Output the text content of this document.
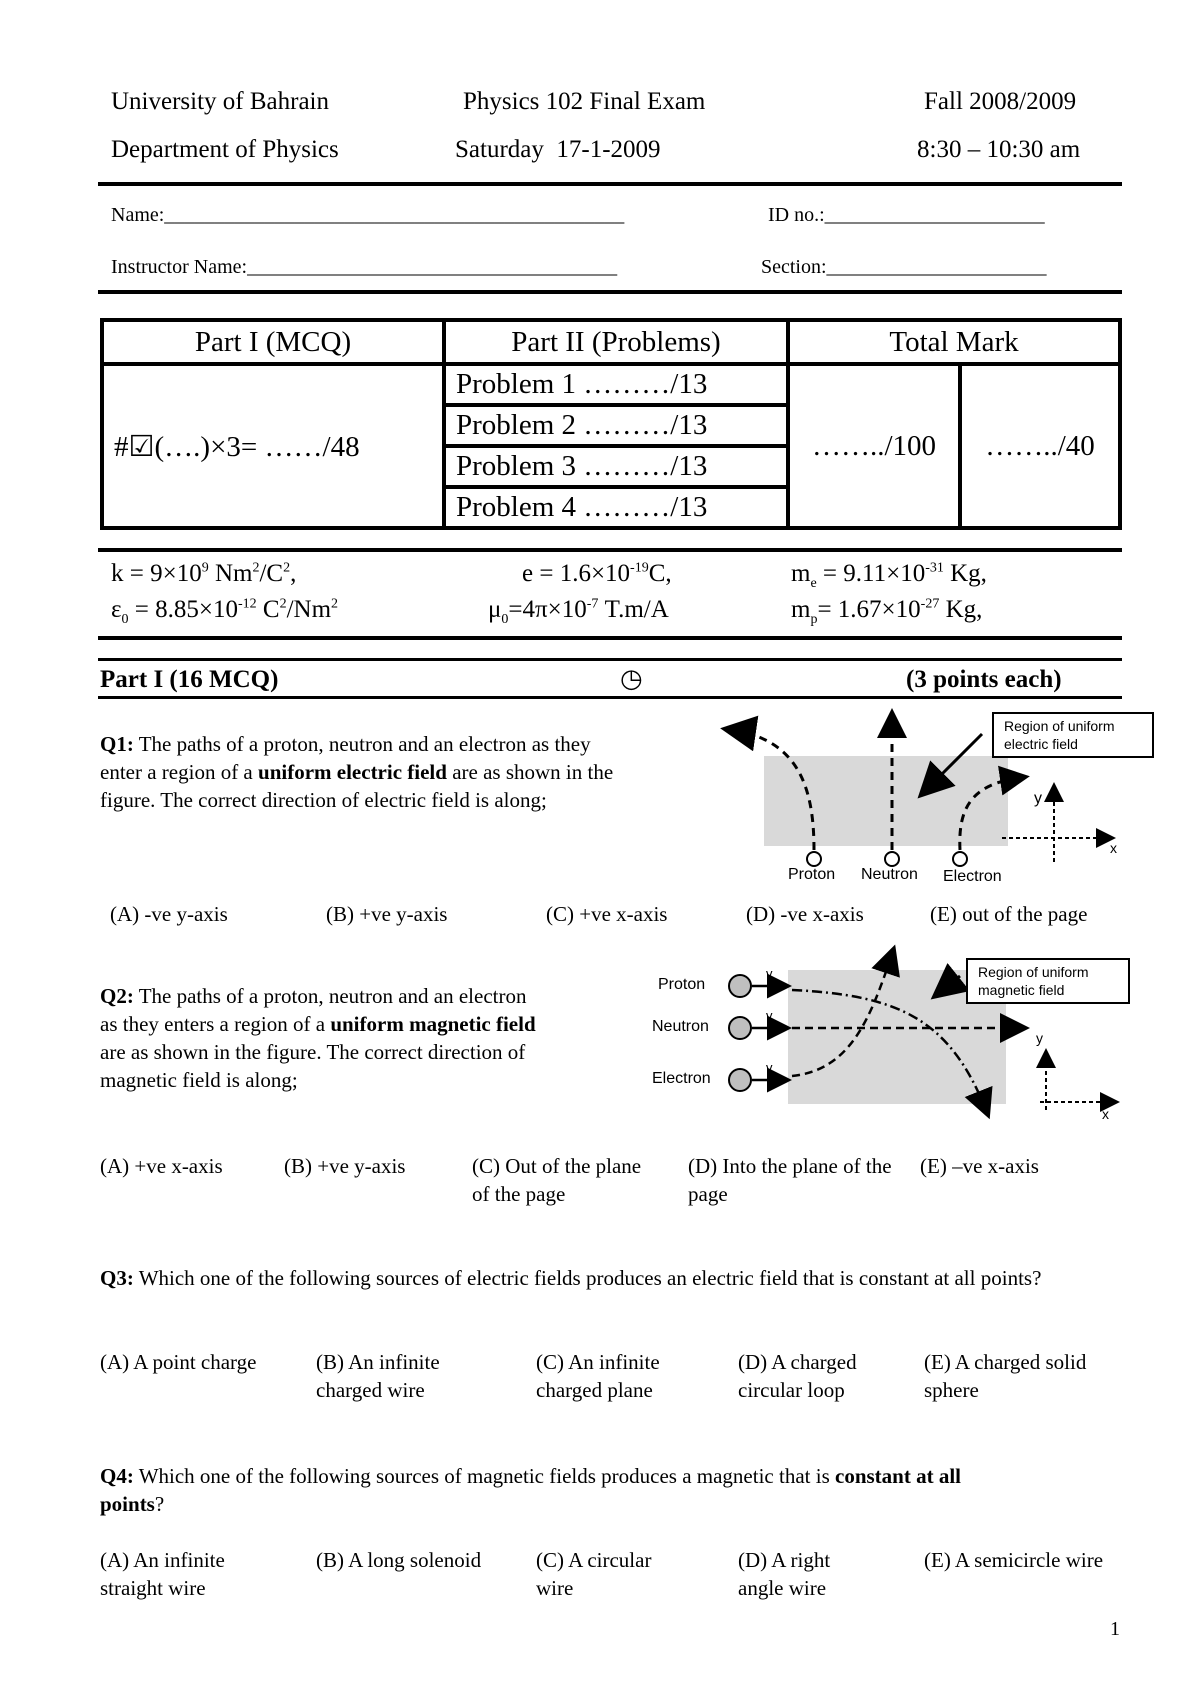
University of Bahrain
Department of Physics
Physics 102 Final Exam
Saturday  17-1-2009
Fall 2008/2009
8:30 – 10:30 am
Name:______________________________________________	ID no.:______________________
Instructor Name:_____________________________________	Section:______________________
Part I (MCQ)	Part II (Problems)	Total Mark	
#☑(….)×3= ……/48	Problem 1 ………/13	……../100	……../40
	Problem 2 ………/13		
	Problem 3 ………/13		
	Problem 4 ………/13		
$k = 9\times 10^9$ $Nm^2/C^2$,
$\varepsilon_0 = 8.85\times 10^{-12}$ $C^2/Nm^2$
$e = 1.6\times 10^{-19}C$,
$\mu_0=4\pi\times 10^{-7}$ T.m/A
$m_e = 9.11\times 10^{-31}$ Kg,
$m_p= 1.67\times 10^{-27}$ Kg,
Part I (16 MCQ)	◷	(3 points each)
Q1: The paths of a proton, neutron and an electron as they
enter a region of a uniform electric field are as shown in the
figure. The correct direction of electric field is along;
Region of uniform electric field
y
x
Proton Neutron Electron
(A) -ve y-axis	(B) +ve y-axis	(C) +ve x-axis	(D) -ve x-axis	(E) out of the page
Q2: The paths of a proton, neutron and an electron
as they enters a region of a uniform magnetic field
are as shown in the figure. The correct direction of
magnetic field is along;
Region of uniform magnetic field
Proton
Neutron
Electron
v
v
v
y
x
(A) +ve x-axis	(B) +ve y-axis	(C) Out of the plane of the page
(D) Into the plane of the page
(E) –ve x-axis
Q3: Which one of the following sources of electric fields produces an electric field that is constant at all points?
(A) A point charge	(B) An infinite charged wire
(C) An infinite charged plane
(D) A charged circular loop
(E) A charged solid sphere
Q4: Which one of the following sources of magnetic fields produces a magnetic that is constant at all
points?
(A) An infinite straight wire
(B) A long solenoid	(C) A circular wire
(D) A right angle wire
(E) A semicircle wire
1
